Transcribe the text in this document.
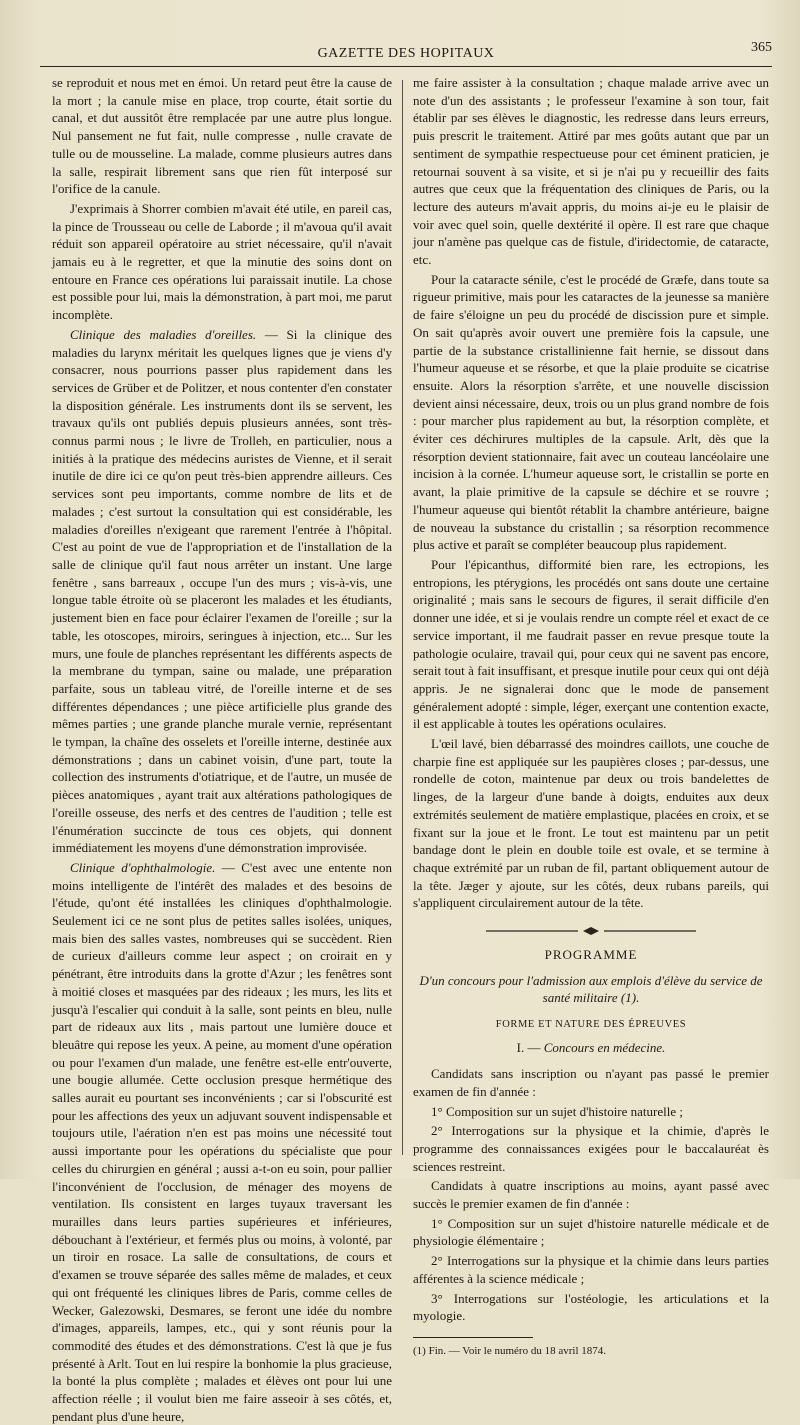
GAZETTE DES HOPITAUX	365

se reproduit et nous met en émoi. Un retard peut être la cause de la mort ; la canule mise en place, trop courte, était sortie du canal, et dut aussitôt être remplacée par une autre plus longue. Nul pansement ne fut fait, nulle compresse , nulle cravate de tulle ou de mousseline. La malade, comme plusieurs autres dans la salle, respirait librement sans que rien fût interposé sur l'orifice de la canule.

J'exprimais à Shorrer combien m'avait été utile, en pareil cas, la pince de Trousseau ou celle de Laborde ; il m'avoua qu'il avait réduit son appareil opératoire au striet nécessaire, qu'il n'avait jamais eu à le regretter, et que la minutie des soins dont on entoure en France ces opérations lui paraissait inutile. La chose est possible pour lui, mais la démonstration, à part moi, me parut incomplète.

Clinique des maladies d'oreilles. — Si la clinique des maladies du larynx méritait les quelques lignes que je viens d'y consacrer, nous pourrions passer plus rapidement dans les services de Grüber et de Politzer, et nous contenter d'en constater la disposition générale. Les instruments dont ils se servent, les travaux qu'ils ont publiés depuis plusieurs années, sont très-connus parmi nous ; le livre de Trolleh, en particulier, nous a initiés à la pratique des médecins auristes de Vienne, et il serait inutile de dire ici ce qu'on peut très-bien apprendre ailleurs. Ces services sont peu importants, comme nombre de lits et de malades ; c'est surtout la consultation qui est considérable, les maladies d'oreilles n'exigeant que rarement l'entrée à l'hôpital. C'est au point de vue de l'appropriation et de l'installation de la salle de clinique qu'il faut nous arrêter un instant. Une large fenêtre , sans barreaux , occupe l'un des murs ; vis-à-vis, une longue table étroite où se placeront les malades et les étudiants, justement bien en face pour éclairer l'examen de l'oreille ; sur la table, les otoscopes, miroirs, seringues à injection, etc... Sur les murs, une foule de planches représentant les différents aspects de la membrane du tympan, saine ou malade, une préparation parfaite, sous un tableau vitré, de l'oreille interne et de ses différentes dépendances ; une pièce artificielle plus grande des mêmes parties ; une grande planche murale vernie, représentant le tympan, la chaîne des osselets et l'oreille interne, destinée aux démonstrations ; dans un cabinet voisin, d'une part, toute la collection des instruments d'otiatrique, et de l'autre, un musée de pièces anatomiques , ayant trait aux altérations pathologiques de l'oreille osseuse, des nerfs et des centres de l'audition ; telle est l'énumération succincte de tous ces objets, qui donnent immédiatement les moyens d'une démonstration improvisée.

Clinique d'ophthalmologie. — C'est avec une entente non moins intelligente de l'intérêt des malades et des besoins de l'étude, qu'ont été installées les cliniques d'ophthalmologie. Seulement ici ce ne sont plus de petites salles isolées, uniques, mais bien des salles vastes, nombreuses qui se succèdent. Rien de curieux d'ailleurs comme leur aspect ; on croirait en y pénétrant, être introduits dans la grotte d'Azur ; les fenêtres sont à moitié closes et masquées par des rideaux ; les murs, les lits et jusqu'à l'escalier qui conduit à la salle, sont peints en bleu, nulle part de rideaux aux lits , mais partout une lumière douce et bleuâtre qui repose les yeux. A peine, au moment d'une opération ou pour l'examen d'un malade, une fenêtre est-elle entr'ouverte, une bougie allumée. Cette occlusion presque hermétique des salles aurait eu pourtant ses inconvénients ; car si l'obscurité est pour les affections des yeux un adjuvant souvent indispensable et toujours utile, l'aération n'en est pas moins une nécessité tout aussi importante pour les opérations du spécialiste que pour celles du chirurgien en général ; aussi a-t-on eu soin, pour pallier l'inconvénient de l'occlusion, de ménager des moyens de ventilation. Ils consistent en larges tuyaux traversant les murailles dans leurs parties supérieures et inférieures, débouchant à l'extérieur, et fermés plus ou moins, à volonté, par un tiroir en rosace. La salle de consultations, de cours et d'examen se trouve séparée des salles même de malades, et ceux qui ont fréquenté les cliniques libres de Paris, comme celles de Wecker, Galezowski, Desmares, se feront une idée du nombre d'images, appareils, lampes, etc., qui y sont réunis pour la commodité des études et des démonstrations. C'est là que je fus présenté à Arlt. Tout en lui respire la bonhomie la plus gracieuse, la bonté la plus complète ; malades et élèves ont pour lui une affection réelle ; il voulut bien me faire asseoir à ses côtés, et, pendant plus d'une heure,

me faire assister à la consultation ; chaque malade arrive avec un note d'un des assistants ; le professeur l'examine à son tour, fait établir par ses élèves le diagnostic, les redresse dans leurs erreurs, puis prescrit le traitement. Attiré par mes goûts autant que par un sentiment de sympathie respectueuse pour cet éminent praticien, je retournai souvent à sa visite, et si je n'ai pu y recueillir des faits autres que ceux que la fréquentation des cliniques de Paris, ou la lecture des auteurs m'avait appris, du moins ai-je eu le plaisir de voir avec quel soin, quelle dextérité il opère. Il est rare que chaque jour n'amène pas quelque cas de fistule, d'iridectomie, de cataracte, etc.

Pour la cataracte sénile, c'est le procédé de Græfe, dans toute sa rigueur primitive, mais pour les cataractes de la jeunesse sa manière de faire s'éloigne un peu du procédé de discission pure et simple. On sait qu'après avoir ouvert une première fois la capsule, une partie de la substance cristallinienne fait hernie, se dissout dans l'humeur aqueuse et se résorbe, et que la plaie produite se cicatrise ensuite. Alors la résorption s'arrête, et une nouvelle discission devient ainsi nécessaire, deux, trois ou un plus grand nombre de fois : pour marcher plus rapidement au but, la résorption complète, et éviter ces déchirures multiples de la capsule. Arlt, dès que la résorption devient stationnaire, fait avec un couteau lancéolaire une incision à la cornée. L'humeur aqueuse sort, le cristallin se porte en avant, la plaie primitive de la capsule se déchire et se rouvre ; l'humeur aqueuse qui bientôt rétablit la chambre antérieure, baigne de nouveau la substance du cristallin ; sa résorption recommence plus active et paraît se compléter beaucoup plus rapidement.

Pour l'épicanthus, difformité bien rare, les ectropions, les entropions, les ptérygions, les procédés ont sans doute une certaine originalité ; mais sans le secours de figures, il serait difficile d'en donner une idée, et si je voulais rendre un compte réel et exact de ce service important, il me faudrait passer en revue presque toute la pathologie oculaire, travail qui, pour ceux qui ne savent pas encore, serait tout à fait insuffisant, et presque inutile pour ceux qui ont déjà appris. Je ne signalerai donc que le mode de pansement généralement adopté : simple, léger, exerçant une contention exacte, il est applicable à toutes les opérations oculaires.

L'œil lavé, bien débarrassé des moindres caillots, une couche de charpie fine est appliquée sur les paupières closes ; par-dessus, une rondelle de coton, maintenue par deux ou trois bandelettes de linges, de la largeur d'une bande à doigts, enduites aux deux extrémités seulement de matière emplastique, placées en croix, et se fixant sur la joue et le front. Le tout est maintenu par un petit bandage dont le plein en double toile est ovale, et se termine à chaque extrémité par un ruban de fil, partant obliquement autour de la tête. Jæger y ajoute, sur les côtés, deux rubans pareils, qui s'appliquent circulairement autour de la tête.

PROGRAMME
D'un concours pour l'admission aux emplois d'élève du service de santé militaire (1).
FORME ET NATURE DES ÉPREUVES
I. — Concours en médecine.

Candidats sans inscription ou n'ayant pas passé le premier examen de fin d'année :

1° Composition sur un sujet d'histoire naturelle ;

2° Interrogations sur la physique et la chimie, d'après le programme des connaissances exigées pour le baccalauréat ès sciences restreint.

Candidats à quatre inscriptions au moins, ayant passé avec succès le premier examen de fin d'année :

1° Composition sur un sujet d'histoire naturelle médicale et de physiologie élémentaire ;

2° Interrogations sur la physique et la chimie dans leurs parties afférentes à la science médicale ;

3° Interrogations sur l'ostéologie, les articulations et la myologie.

(1) Fin. — Voir le numéro du 18 avril 1874.
